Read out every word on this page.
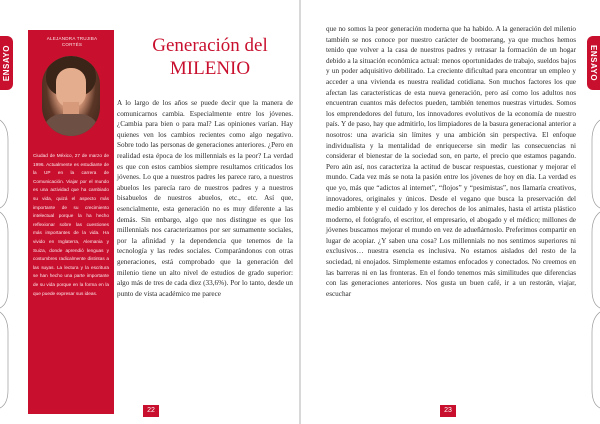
ENSAYO	ENSAYO
ALEJANDRA TRUJIBA
CORTÉS
Ciudad de México, 27 de marzo de 1996. Actualmente es estudiante de la UP en la carrera de Comunicación. Viajar por el mundo es una actividad que ha cambiado su vida, quizá el aspecto más importante de su crecimiento intelectual porque la ha hecho reflexionar sobre las cuestiones más importantes de la vida. Ha vivido en Inglaterra, Alemania y Suiza, donde aprendió lenguas y costumbres radicalmente distintas a las suyas. La lectura y la escritura se han hecho una parte importante de su vida porque en la forma en la que puede expresar sus ideas.
Generación del
MILENIO

A lo largo de los años se puede decir que la manera de comunicarnos cambia. Especialmente entre los jóvenes. ¿Cambia para bien o para mal? Las opiniones varían. Hay quienes ven los cambios recientes como algo negativo. Sobre todo las personas de generaciones anteriores. ¿Pero en realidad esta época de los millennials es la peor? La verdad es que con estos cambios siempre resultamos criticados los jóvenes. Lo que a nuestros padres les parece raro, a nuestros abuelos les parecía raro de nuestros padres y a nuestros bisabuelos de nuestros abuelos, etc., etc. Así que, esencialmente, esta generación no es muy diferente a las demás. Sin embargo, algo que nos distingue es que los millennials nos caracterizamos por ser sumamente sociales, por la afinidad y la dependencia que tenemos de la tecnología y las redes sociales. Comparándonos con otras generaciones, está comprobado que la generación del milenio tiene un alto nivel de estudios de grado superior: algo más de tres de cada diez (33,6%). Por lo tanto, desde un punto de vista académico me parece

que no somos la peor generación moderna que ha habido. A la generación del milenio también se nos conoce por nuestro carácter de boomerang, ya que muchos hemos tenido que volver a la casa de nuestros padres y retrasar la formación de un hogar debido a la situación económica actual: menos oportunidades de trabajo, sueldos bajos y un poder adquisitivo debilitado. La creciente dificultad para encontrar un empleo y acceder a una vivienda es nuestra realidad cotidiana. Son muchos factores los que afectan las características de esta nueva generación, pero así como los adultos nos encuentran cuantos más defectos pueden, también tenemos nuestras virtudes. Somos los emprendedores del futuro, los innovadores evolutivos de la economía de nuestro país. Y de paso, hay que admitirlo, los limpiadores de la basura generacional anterior a nosotros: una avaricia sin límites y una ambición sin perspectiva. El enfoque individualista y la mentalidad de enriquecerse sin medir las consecuencias ni considerar el bienestar de la sociedad son, en parte, el precio que estamos pagando. Pero aún así, nos caracteriza la actitud de buscar respuestas, cuestionar y mejorar el mundo. Cada vez más se nota la pasión entre los jóvenes de hoy en día. La verdad es que yo, más que “adictos al internet”, “flojos” y “pesimistas”, nos llamaría creativos, innovadores, originales y únicos. Desde el vegano que busca la preservación del medio ambiente y el cuidado y los derechos de los animales, hasta el artista plástico moderno, el fotógrafo, el escritor, el empresario, el abogado y el médico; millones de jóvenes buscamos mejorar el mundo en vez de adueñárnoslo. Preferimos compartir en lugar de acopiar. ¿Y saben una cosa? Los millennials no nos sentimos superiores ni exclusivos… nuestra esencia es inclusiva. No estamos aislados del resto de la sociedad, ni enojados. Simplemente estamos enfocados y conectados. No creemos en las barreras ni en las fronteras. En el fondo tenemos más similitudes que diferencias con las generaciones anteriores. Nos gusta un buen café, ir a un restorán, viajar, escuchar

22	23
